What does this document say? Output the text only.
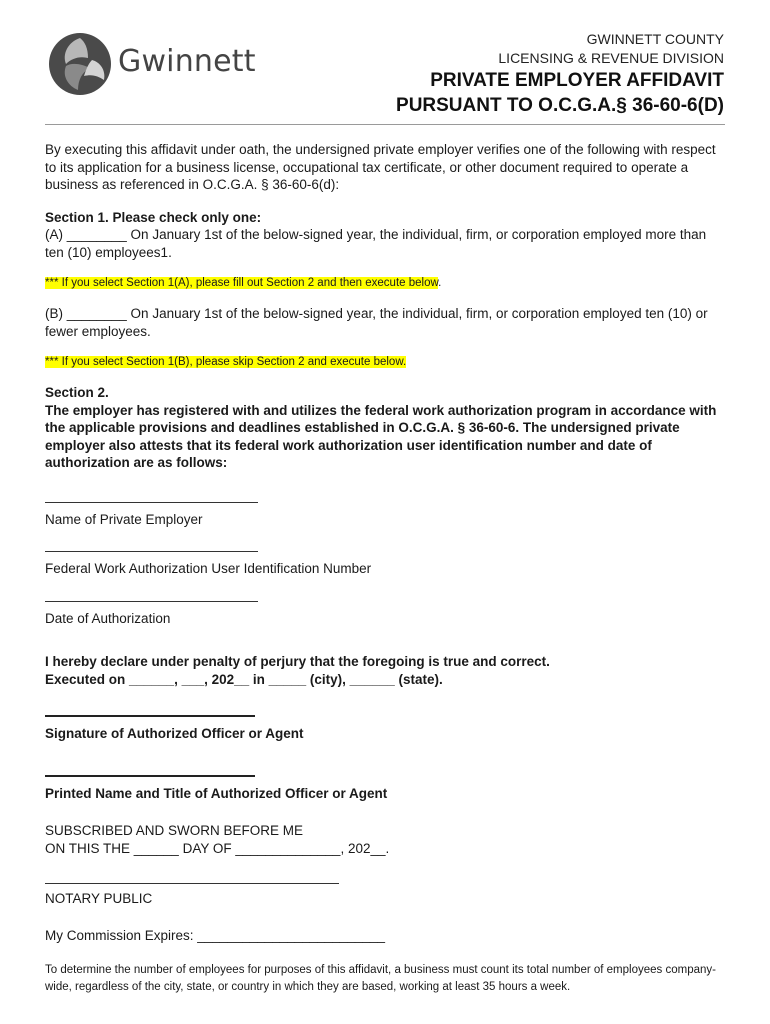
Gwinnett
GWINNETT COUNTY
LICENSING & REVENUE DIVISION
PRIVATE EMPLOYER AFFIDAVIT
PURSUANT TO O.C.G.A.§ 36-60-6(D)

By executing this affidavit under oath, the undersigned private employer verifies one of the following with respect to its application for a business license, occupational tax certificate, or other document required to operate a business as referenced in O.C.G.A. § 36-60-6(d):

Section 1. Please check only one:

(A) ________ On January 1st of the below-signed year, the individual, firm, or corporation employed more than ten (10) employees1.

*** If you select Section 1(A), please fill out Section 2 and then execute below.

(B) ________ On January 1st of the below-signed year, the individual, firm, or corporation employed ten (10) or fewer employees.

*** If you select Section 1(B), please skip Section 2 and execute below.

Section 2.

The employer has registered with and utilizes the federal work authorization program in accordance with the applicable provisions and deadlines established in O.C.G.A. § 36-60-6. The undersigned private employer also attests that its federal work authorization user identification number and date of authorization are as follows:

Name of Private Employer
Federal Work Authorization User Identification Number
Date of Authorization

I hereby declare under penalty of perjury that the foregoing is true and correct.

Executed on ______, ___, 202__ in _____ (city), ______ (state).

Signature of Authorized Officer or Agent
Printed Name and Title of Authorized Officer or Agent

SUBSCRIBED AND SWORN BEFORE ME

ON THIS THE ______ DAY OF ______________, 202__.

NOTARY PUBLIC

My Commission Expires: _________________________

To determine the number of employees for purposes of this affidavit, a business must count its total number of employees company-wide, regardless of the city, state, or country in which they are based, working at least 35 hours a week.
